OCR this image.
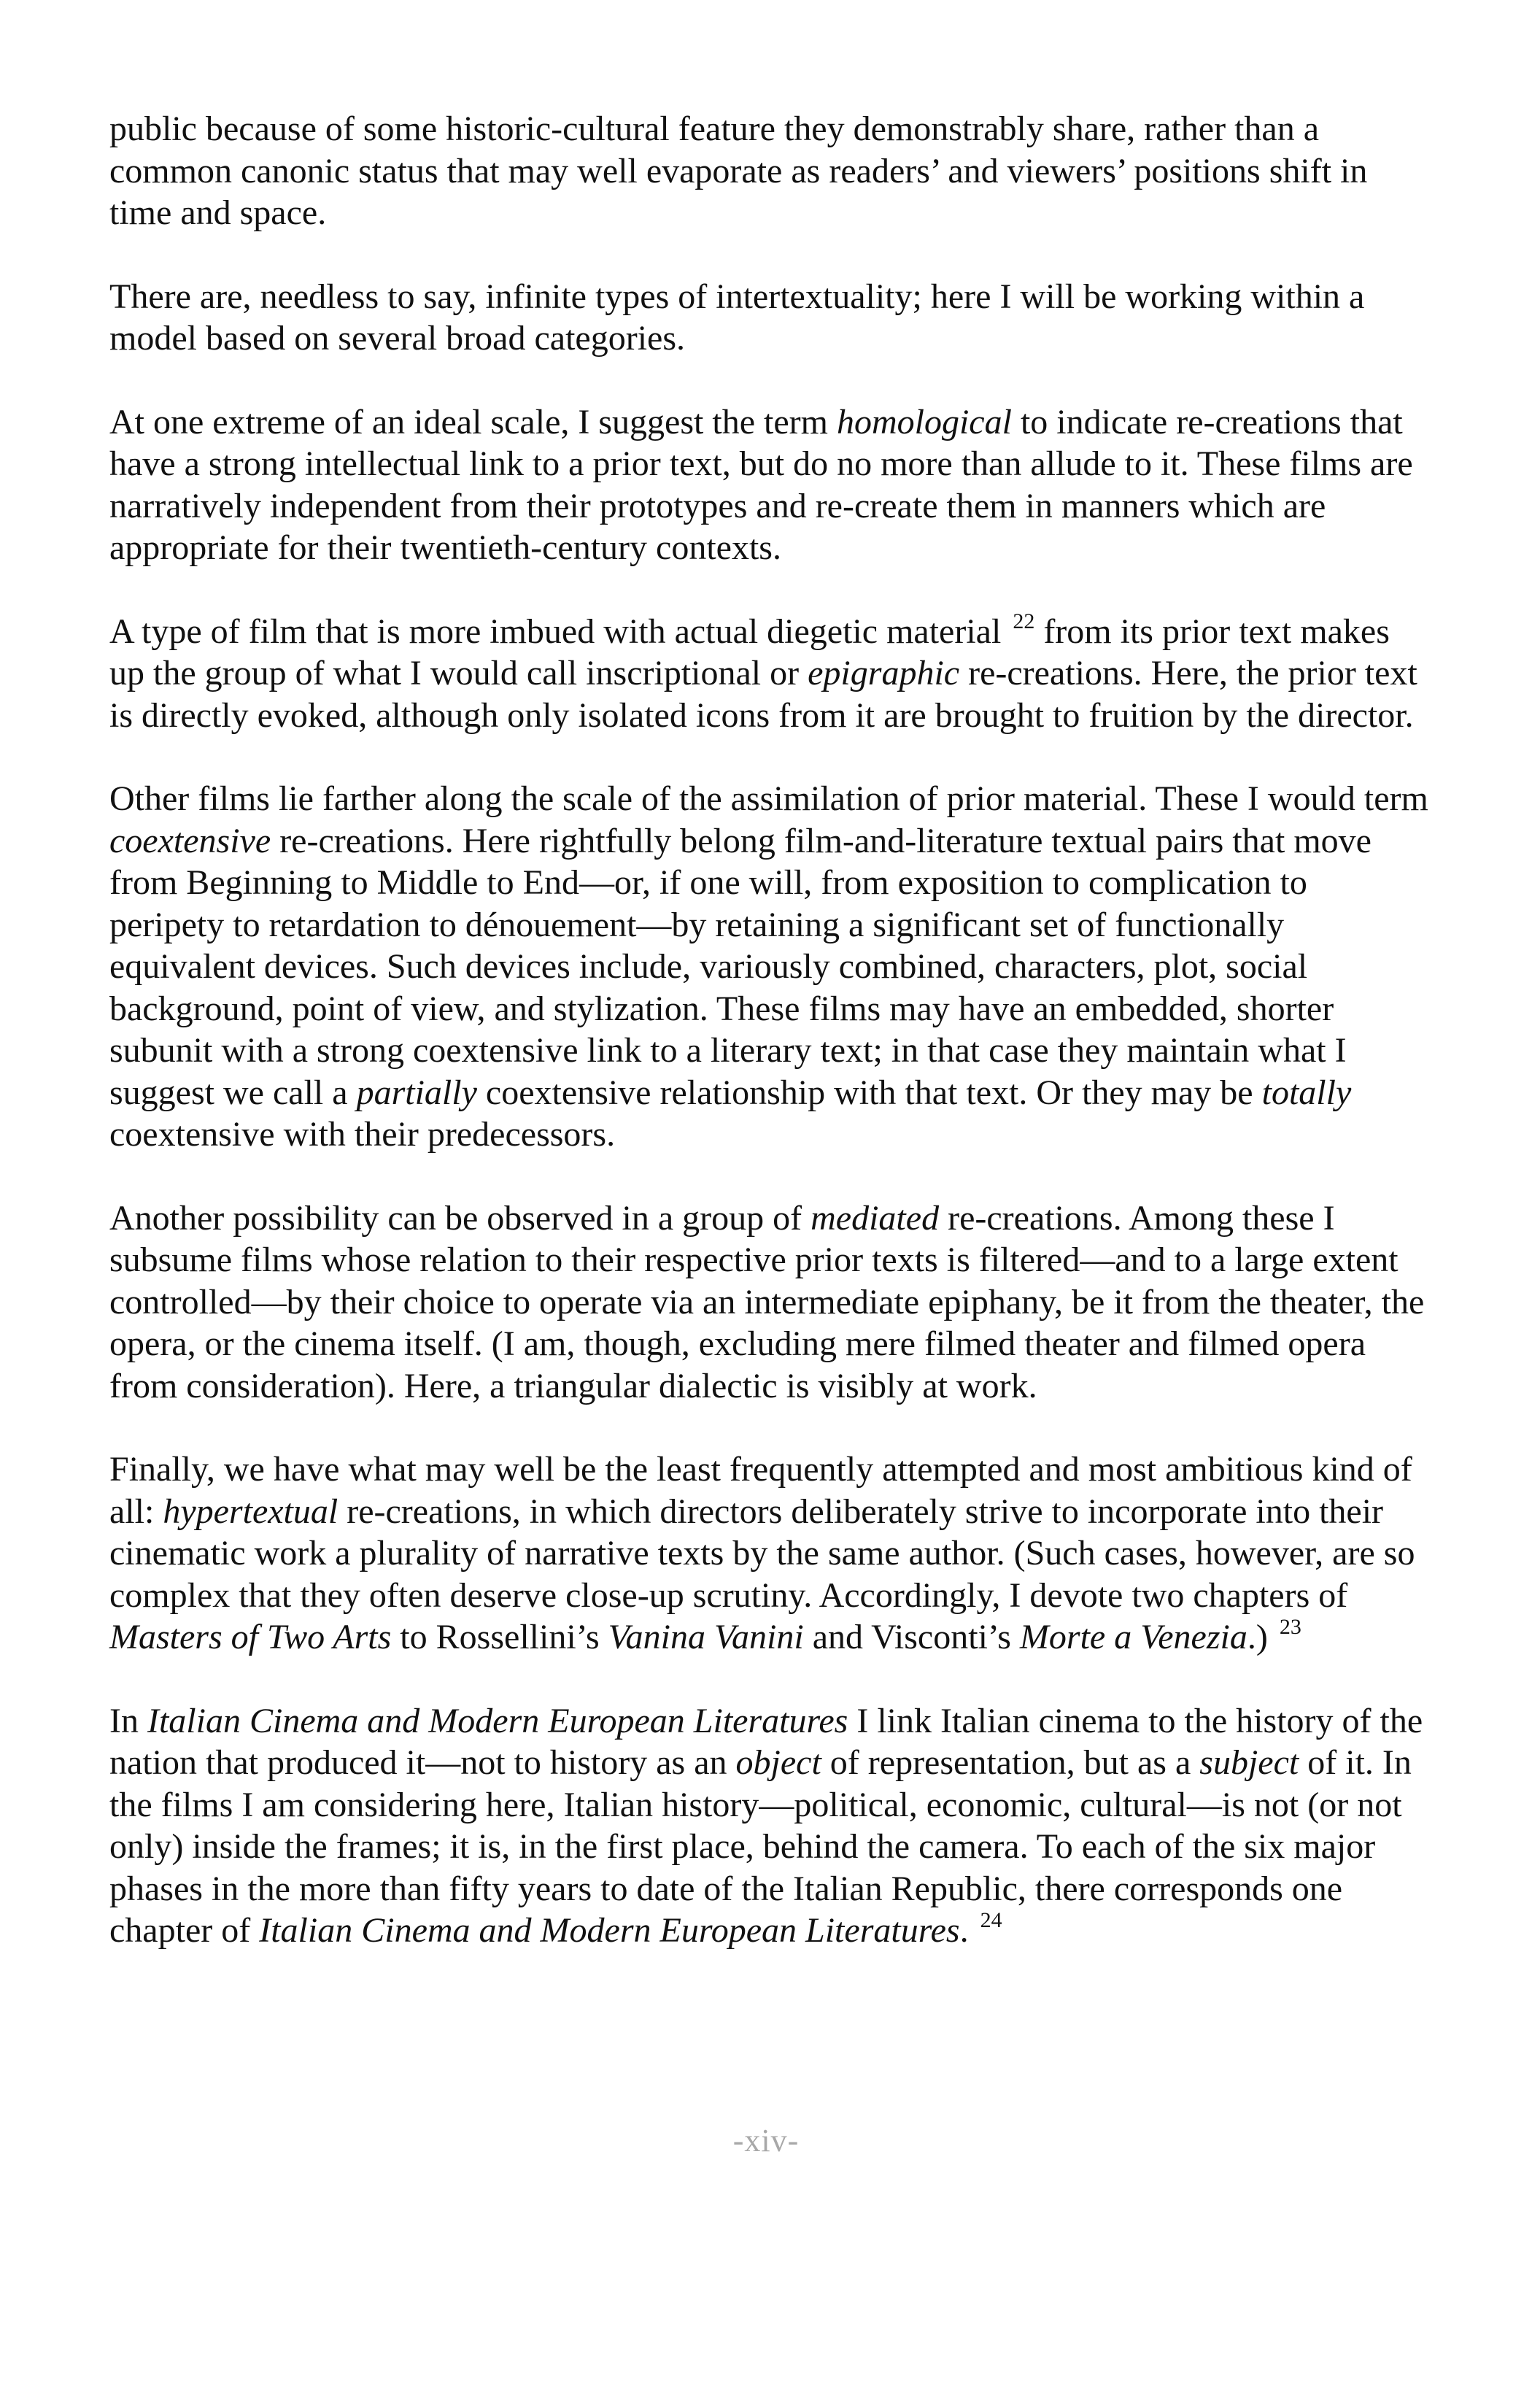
public because of some historic-cultural feature they demonstrably share, rather than a common canonic status that may well evaporate as readers’ and viewers’ positions shift in time and space.

There are, needless to say, infinite types of intertextuality; here I will be working within a model based on several broad categories.

At one extreme of an ideal scale, I suggest the term homological to indicate re-creations that have a strong intellectual link to a prior text, but do no more than allude to it. These films are narratively independent from their prototypes and re-create them in manners which are appropriate for their twentieth-century contexts.

A type of film that is more imbued with actual diegetic material $^{22}$ from its prior text makes up the group of what I would call inscriptional or epigraphic re-creations. Here, the prior text is directly evoked, although only isolated icons from it are brought to fruition by the director.

Other films lie farther along the scale of the assimilation of prior material. These I would term coextensive re-creations. Here rightfully belong film-and-literature textual pairs that move from Beginning to Middle to End—or, if one will, from exposition to complication to peripety to retardation to dénouement—by retaining a significant set of functionally equivalent devices. Such devices include, variously combined, characters, plot, social background, point of view, and stylization. These films may have an embedded, shorter subunit with a strong coextensive link to a literary text; in that case they maintain what I suggest we call a partially coextensive relationship with that text. Or they may be totally coextensive with their predecessors.

Another possibility can be observed in a group of mediated re-creations. Among these I subsume films whose relation to their respective prior texts is filtered—and to a large extent controlled—by their choice to operate via an intermediate epiphany, be it from the theater, the opera, or the cinema itself. (I am, though, excluding mere filmed theater and filmed opera from consideration). Here, a triangular dialectic is visibly at work.

Finally, we have what may well be the least frequently attempted and most ambitious kind of all: hypertextual re-creations, in which directors deliberately strive to incorporate into their cinematic work a plurality of narrative texts by the same author. (Such cases, however, are so complex that they often deserve close-up scrutiny. Accordingly, I devote two chapters of Masters of Two Arts to Rossellini’s Vanina Vanini and Visconti’s Morte a Venezia.) $^{23}$

In Italian Cinema and Modern European Literatures I link Italian cinema to the history of the nation that produced it—not to history as an object of representation, but as a subject of it. In the films I am considering here, Italian history—political, economic, cultural—is not (or not only) inside the frames; it is, in the first place, behind the camera. To each of the six major phases in the more than fifty years to date of the Italian Republic, there corresponds one chapter of Italian Cinema and Modern European Literatures. $^{24}$

-xiv-
